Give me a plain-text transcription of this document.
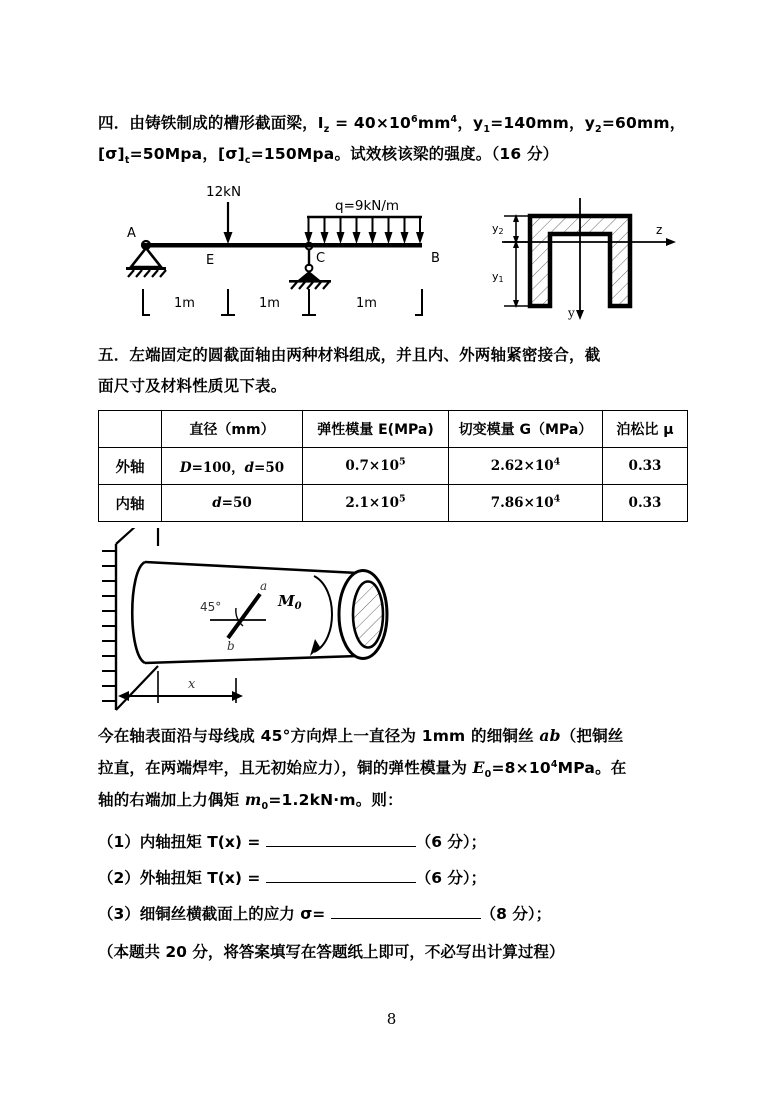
四．由铸铁制成的槽形截面梁，$I_z = 40\times 10^6mm^4$，$y_1=140mm$，$y_2=60mm$，
$[\sigma]_t=50Mpa$，$[\sigma]_c=150Mpa$。试效核该梁的强度。（16 分）
A
E
12kN
C
q=9kN/m
B
1m	1m	1m
z
y
y2
y1
五．左端固定的圆截面轴由两种材料组成，并且内、外两轴紧密接合，截
面尺寸及材料性质见下表。
	直径（mm）	弹性模量 E(MPa)	切变模量 G（MPa）	泊松比 μ
外轴	D=100，d=50	$0.7\times 10^5$	$2.62\times 10^4$	0.33
内轴	d=50	$2.1\times 10^5$	$7.86\times 10^4$	0.33
$M_0$
45°
a
b
x
今在轴表面沿与母线成 45°方向焊上一直径为 1mm 的细铜丝 ab（把铜丝
拉直，在两端焊牢，且无初始应力），铜的弹性模量为 $E_0=8\times 10^4MPa$。在
轴的右端加上力偶矩 $m_0=1.2kN\cdot m$。则：
（1）内轴扭矩 T(x) =	（6 分）；
（2）外轴扭矩 T(x) =	（6 分）；
（3）细铜丝横截面上的应力 σ=	（8 分）；
（本题共 20 分，将答案填写在答题纸上即可，不必写出计算过程）
8
